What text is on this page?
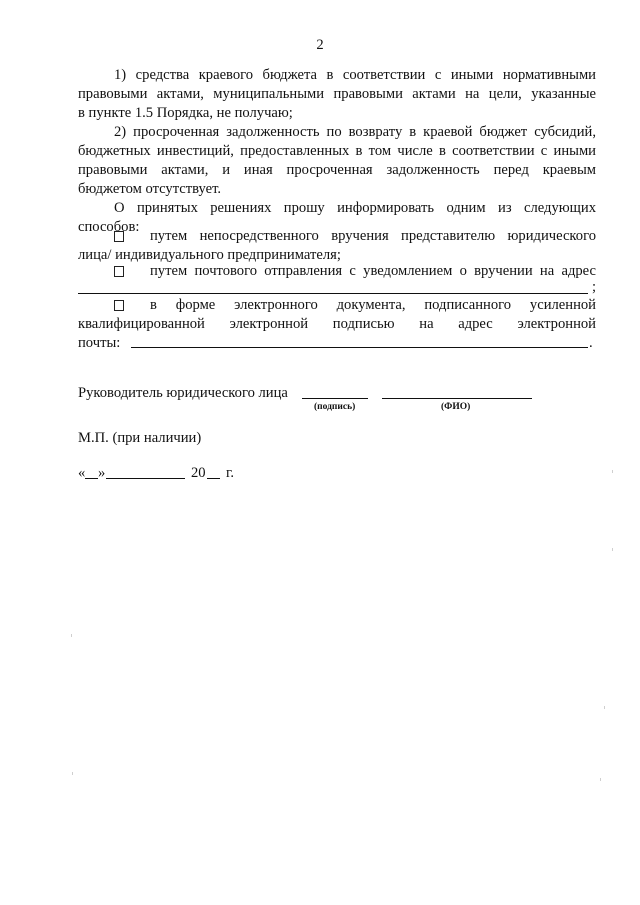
2
1) средства краевого бюджета в соответствии с иными нормативными
правовыми актами, муниципальными правовыми актами на цели, указанные
в пункте 1.5 Порядка, не получаю;
2) просроченная задолженность по возврату в краевой бюджет субсидий,
бюджетных инвестиций, предоставленных в том числе в соответствии с иными
правовыми актами, и иная просроченная задолженность перед краевым
бюджетом отсутствует.
О принятых решениях прошу информировать одним из следующих
способов:
путем непосредственного вручения представителю юридического
лица/ индивидуального предпринимателя;
путем почтового отправления с уведомлением о вручении на адрес
;
в форме электронного документа, подписанного усиленной
квалифицированной электронной подписью на адрес электронной
почты:	.
Руководитель юридического лица
(подпись)	(ФИО)
М.П. (при наличии)
« »	20 г.
